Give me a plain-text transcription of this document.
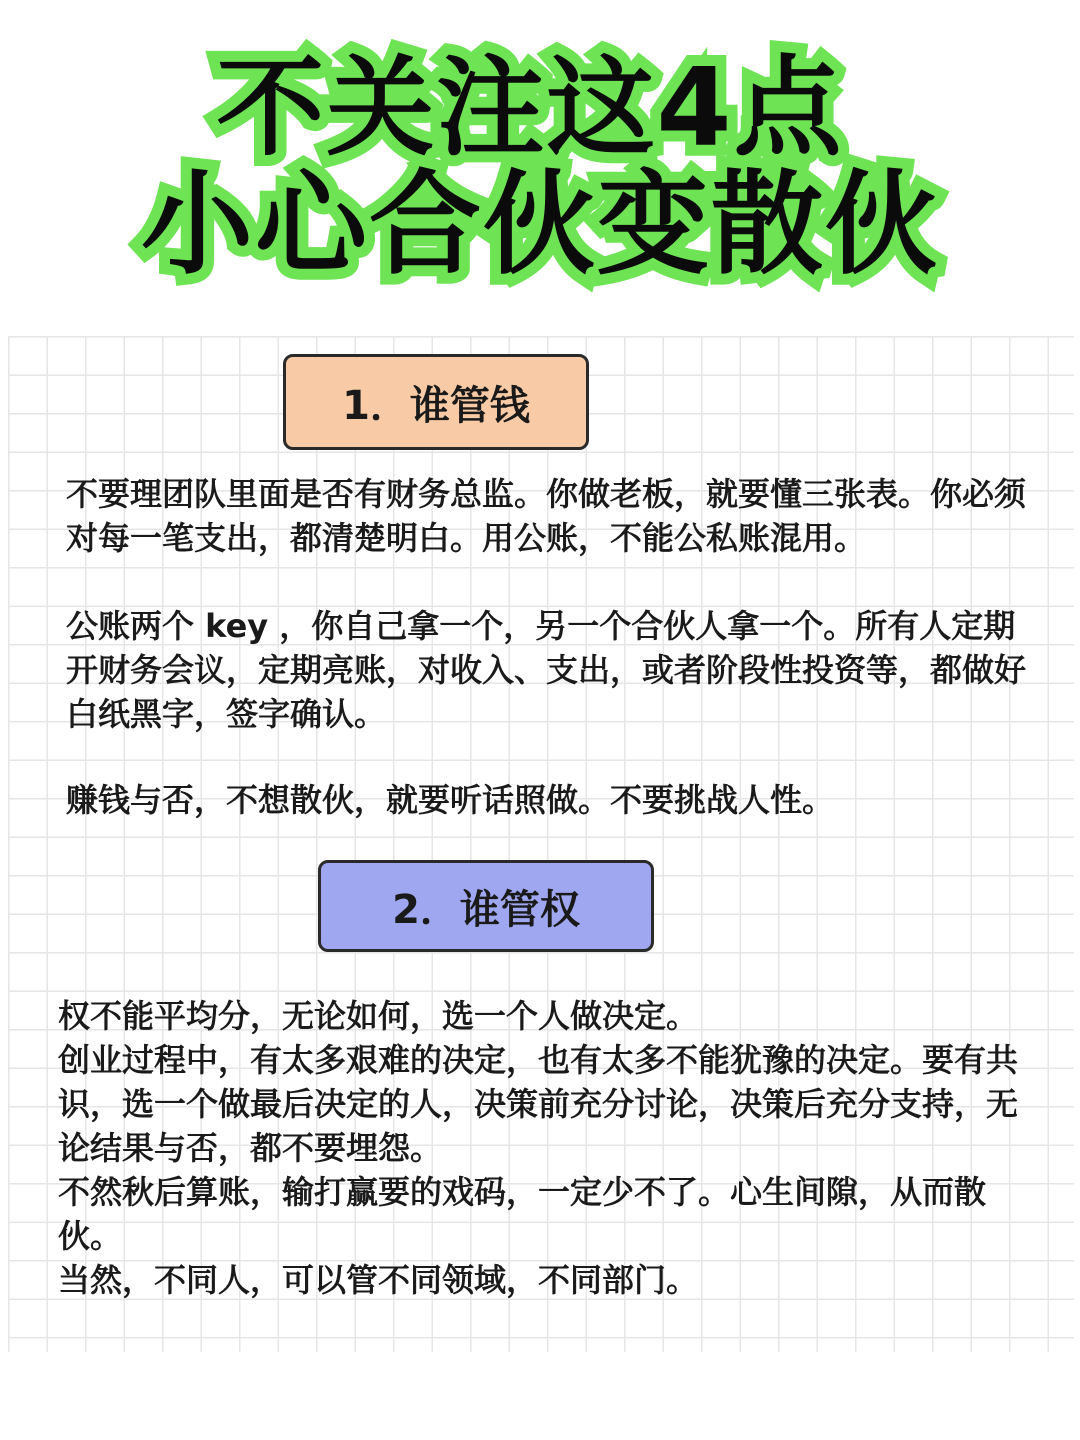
不关注这4点
小心合伙变散伙
1．谁管钱

不要理团队里面是否有财务总监。你做老板，就要懂三张表。你必须对每一笔支出，都清楚明白。用公账，不能公私账混用。

公账两个 key ，你自己拿一个，另一个合伙人拿一个。所有人定期开财务会议，定期亮账，对收入、支出，或者阶段性投资等，都做好白纸黑字，签字确认。

赚钱与否，不想散伙，就要听话照做。不要挑战人性。

2．谁管权

权不能平均分，无论如何，选一个人做决定。
创业过程中，有太多艰难的决定，也有太多不能犹豫的决定。要有共识，选一个做最后决定的人，决策前充分讨论，决策后充分支持，无论结果与否，都不要埋怨。
不然秋后算账，输打赢要的戏码，一定少不了。心生间隙，从而散伙。
当然，不同人，可以管不同领域，不同部门。
